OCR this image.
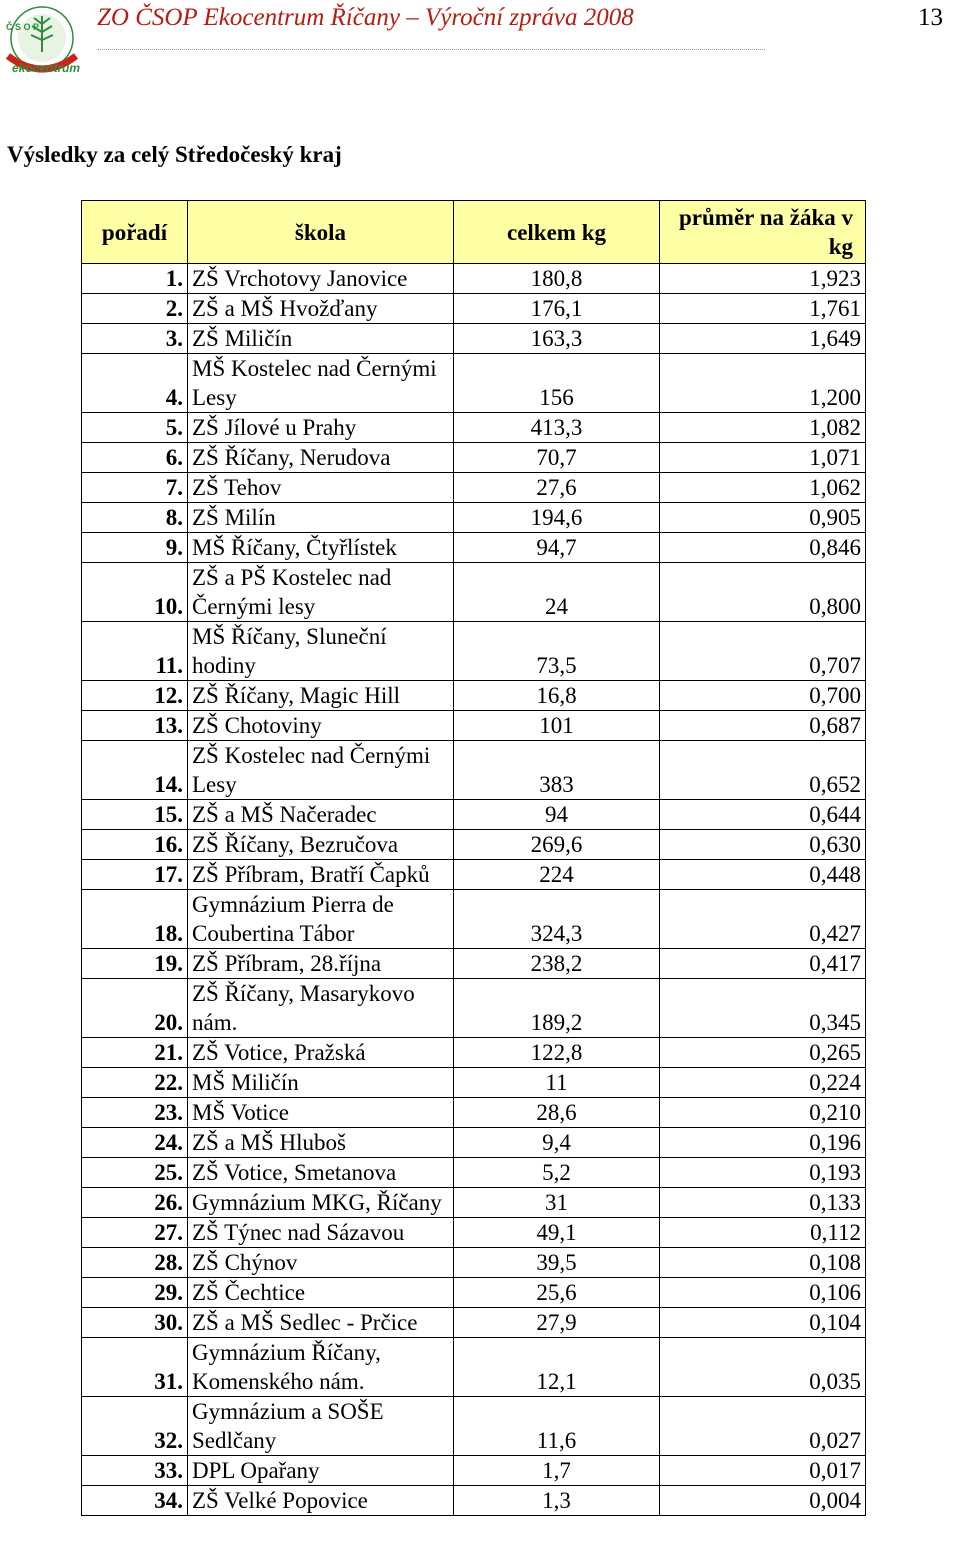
Č S O P
ekocentrum
ZO ČSOP Ekocentrum Říčany – Výroční zpráva 2008	13
Výsledky za celý Středočeský kraj
pořadí	škola	celkem kg	průměr na žáka v kg
1.	ZŠ Vrchotovy Janovice	180,8	1,923
2.	ZŠ a MŠ Hvožďany	176,1	1,761
3.	ZŠ Miličín	163,3	1,649
4.	MŠ Kostelec nad Černými Lesy	156	1,200
5.	ZŠ Jílové u Prahy	413,3	1,082
6.	ZŠ Říčany, Nerudova	70,7	1,071
7.	ZŠ Tehov	27,6	1,062
8.	ZŠ Milín	194,6	0,905
9.	MŠ Říčany, Čtyřlístek	94,7	0,846
10.	ZŠ a PŠ Kostelec nad Černými lesy	24	0,800
11.	MŠ Říčany, Sluneční hodiny	73,5	0,707
12.	ZŠ Říčany, Magic Hill	16,8	0,700
13.	ZŠ Chotoviny	101	0,687
14.	ZŠ Kostelec nad Černými Lesy	383	0,652
15.	ZŠ a MŠ Načeradec	94	0,644
16.	ZŠ Říčany, Bezručova	269,6	0,630
17.	ZŠ Příbram, Bratří Čapků	224	0,448
18.	Gymnázium Pierra de Coubertina Tábor	324,3	0,427
19.	ZŠ Příbram, 28.října	238,2	0,417
20.	ZŠ Říčany, Masarykovo nám.	189,2	0,345
21.	ZŠ Votice, Pražská	122,8	0,265
22.	MŠ Miličín	11	0,224
23.	MŠ Votice	28,6	0,210
24.	ZŠ a MŠ Hluboš	9,4	0,196
25.	ZŠ Votice, Smetanova	5,2	0,193
26.	Gymnázium MKG, Říčany	31	0,133
27.	ZŠ Týnec nad Sázavou	49,1	0,112
28.	ZŠ Chýnov	39,5	0,108
29.	ZŠ Čechtice	25,6	0,106
30.	ZŠ a MŠ Sedlec - Prčice	27,9	0,104
31.	Gymnázium Říčany, Komenského nám.	12,1	0,035
32.	Gymnázium a SOŠE Sedlčany	11,6	0,027
33.	DPL Opařany	1,7	0,017
34.	ZŠ Velké Popovice	1,3	0,004
